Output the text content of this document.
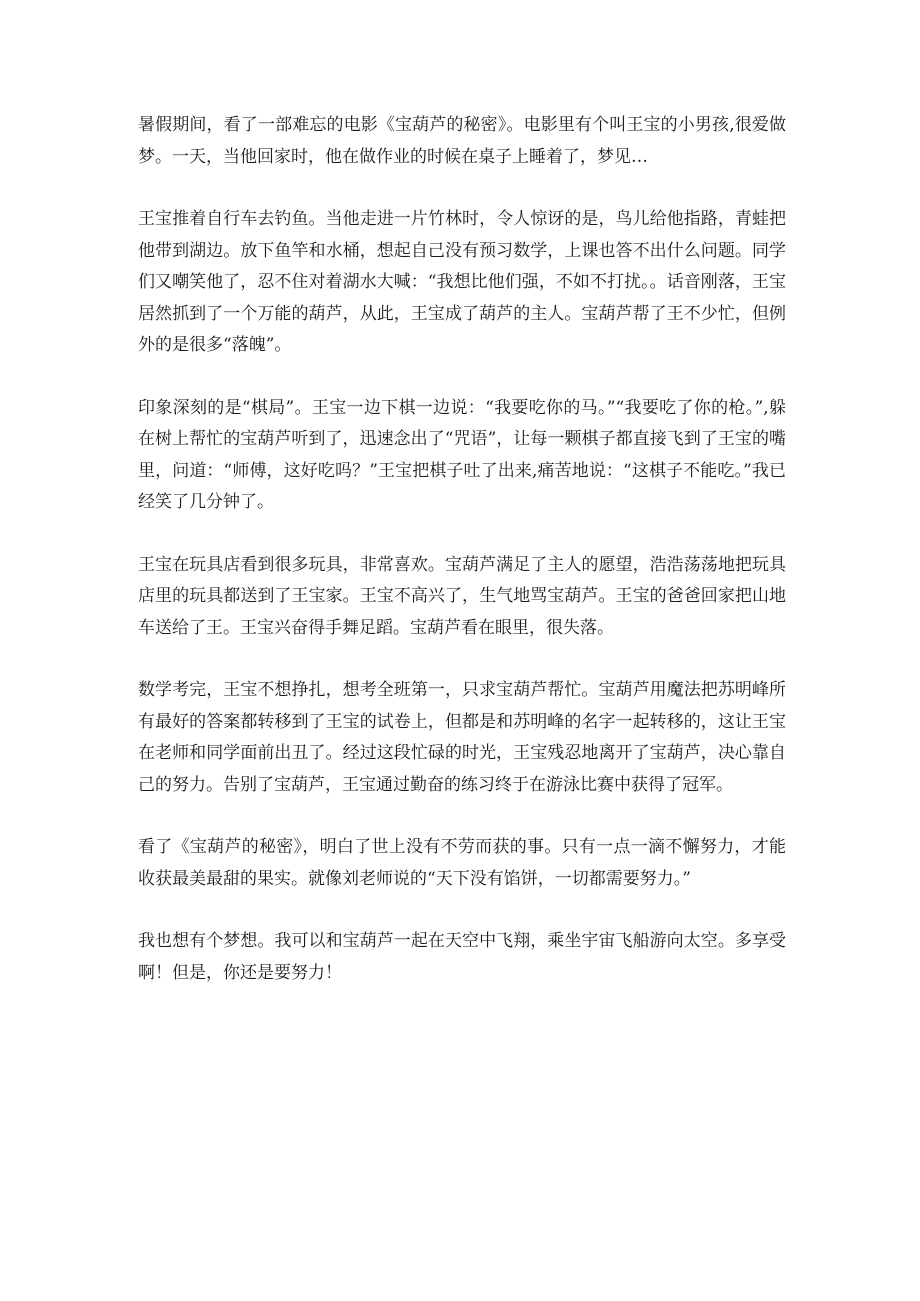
暑假期间，看了一部难忘的电影《宝葫芦的秘密》。电影里有个叫王宝的小男孩,很爱做梦。一天，当他回家时，他在做作业的时候在桌子上睡着了，梦见…

王宝推着自行车去钓鱼。当他走进一片竹林时，令人惊讶的是，鸟儿给他指路，青蛙把他带到湖边。放下鱼竿和水桶，想起自己没有预习数学，上课也答不出什么问题。同学们又嘲笑他了，忍不住对着湖水大喊：“我想比他们强，不如不打扰。。话音刚落，王宝居然抓到了一个万能的葫芦，从此，王宝成了葫芦的主人。宝葫芦帮了王不少忙，但例外的是很多“落魄”。

印象深刻的是“棋局”。王宝一边下棋一边说：“我要吃你的马。”“我要吃了你的枪。”,躲在树上帮忙的宝葫芦听到了，迅速念出了“咒语”，让每一颗棋子都直接飞到了王宝的嘴里，问道：“师傅，这好吃吗？”王宝把棋子吐了出来,痛苦地说：“这棋子不能吃。”我已经笑了几分钟了。

王宝在玩具店看到很多玩具，非常喜欢。宝葫芦满足了主人的愿望，浩浩荡荡地把玩具店里的玩具都送到了王宝家。王宝不高兴了，生气地骂宝葫芦。王宝的爸爸回家把山地车送给了王。王宝兴奋得手舞足蹈。宝葫芦看在眼里，很失落。

数学考完，王宝不想挣扎，想考全班第一，只求宝葫芦帮忙。宝葫芦用魔法把苏明峰所有最好的答案都转移到了王宝的试卷上，但都是和苏明峰的名字一起转移的，这让王宝在老师和同学面前出丑了。经过这段忙碌的时光，王宝残忍地离开了宝葫芦，决心靠自己的努力。告别了宝葫芦，王宝通过勤奋的练习终于在游泳比赛中获得了冠军。

看了《宝葫芦的秘密》，明白了世上没有不劳而获的事。只有一点一滴不懈努力，才能收获最美最甜的果实。就像刘老师说的“天下没有馅饼，一切都需要努力。”

我也想有个梦想。我可以和宝葫芦一起在天空中飞翔，乘坐宇宙飞船游向太空。多享受啊！但是，你还是要努力！
